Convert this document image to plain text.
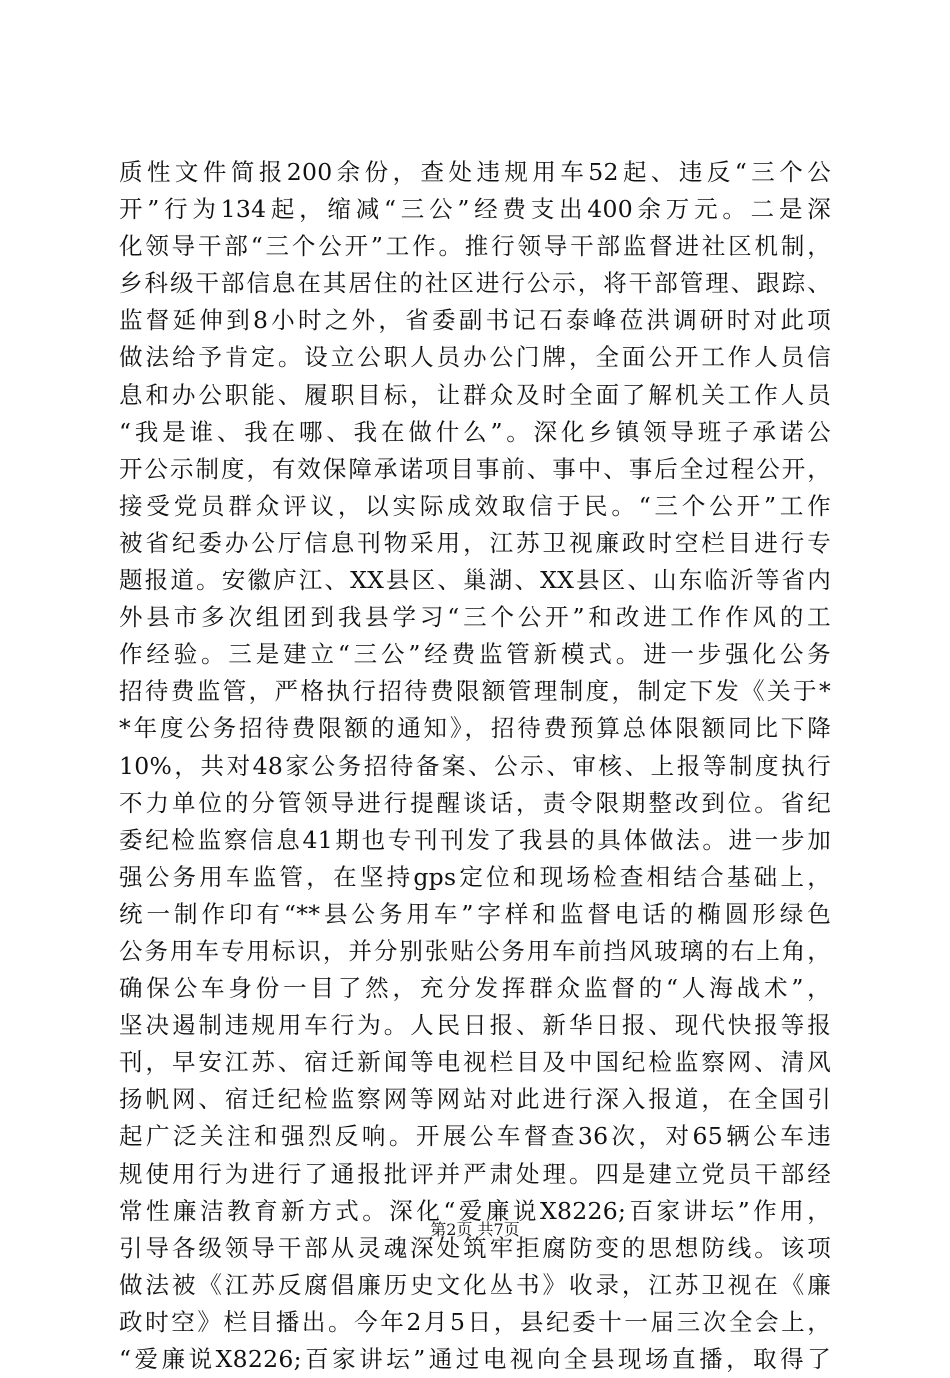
质性文件简报200余份，查处违规用车52起、违反“三个公
开”行为134起，缩减“三公”经费支出400余万元。二是深
化领导干部“三个公开”工作。推行领导干部监督进社区机制，
乡科级干部信息在其居住的社区进行公示，将干部管理、跟踪、
监督延伸到8小时之外，省委副书记石泰峰莅洪调研时对此项
做法给予肯定。设立公职人员办公门牌，全面公开工作人员信
息和办公职能、履职目标，让群众及时全面了解机关工作人员
“我是谁、我在哪、我在做什么”。深化乡镇领导班子承诺公
开公示制度，有效保障承诺项目事前、事中、事后全过程公开，
接受党员群众评议，以实际成效取信于民。“三个公开”工作
被省纪委办公厅信息刊物采用，江苏卫视廉政时空栏目进行专
题报道。安徽庐江、XX县区、巢湖、XX县区、山东临沂等省内
外县市多次组团到我县学习“三个公开”和改进工作作风的工
作经验。三是建立“三公”经费监管新模式。进一步强化公务
招待费监管，严格执行招待费限额管理制度，制定下发《关于*
*年度公务招待费限额的通知》，招待费预算总体限额同比下降
10%，共对48家公务招待备案、公示、审核、上报等制度执行
不力单位的分管领导进行提醒谈话，责令限期整改到位。省纪
委纪检监察信息41期也专刊刊发了我县的具体做法。进一步加
强公务用车监管，在坚持gps定位和现场检查相结合基础上，
统一制作印有“**县公务用车”字样和监督电话的椭圆形绿色
公务用车专用标识，并分别张贴公务用车前挡风玻璃的右上角，
确保公车身份一目了然，充分发挥群众监督的“人海战术”，
坚决遏制违规用车行为。人民日报、新华日报、现代快报等报
刊，早安江苏、宿迁新闻等电视栏目及中国纪检监察网、清风
扬帆网、宿迁纪检监察网等网站对此进行深入报道，在全国引
起广泛关注和强烈反响。开展公车督查36次，对65辆公车违
规使用行为进行了通报批评并严肃处理。四是建立党员干部经
常性廉洁教育新方式。深化“爱廉说X8226;百家讲坛”作用，
引导各级领导干部从灵魂深处筑牢拒腐防变的思想防线。该项
做法被《江苏反腐倡廉历史文化丛书》收录，江苏卫视在《廉
政时空》栏目播出。今年2月5日，县纪委十一届三次全会上，
“爱廉说X8226;百家讲坛”通过电视向全县现场直播，取得了
第2页 共7页
